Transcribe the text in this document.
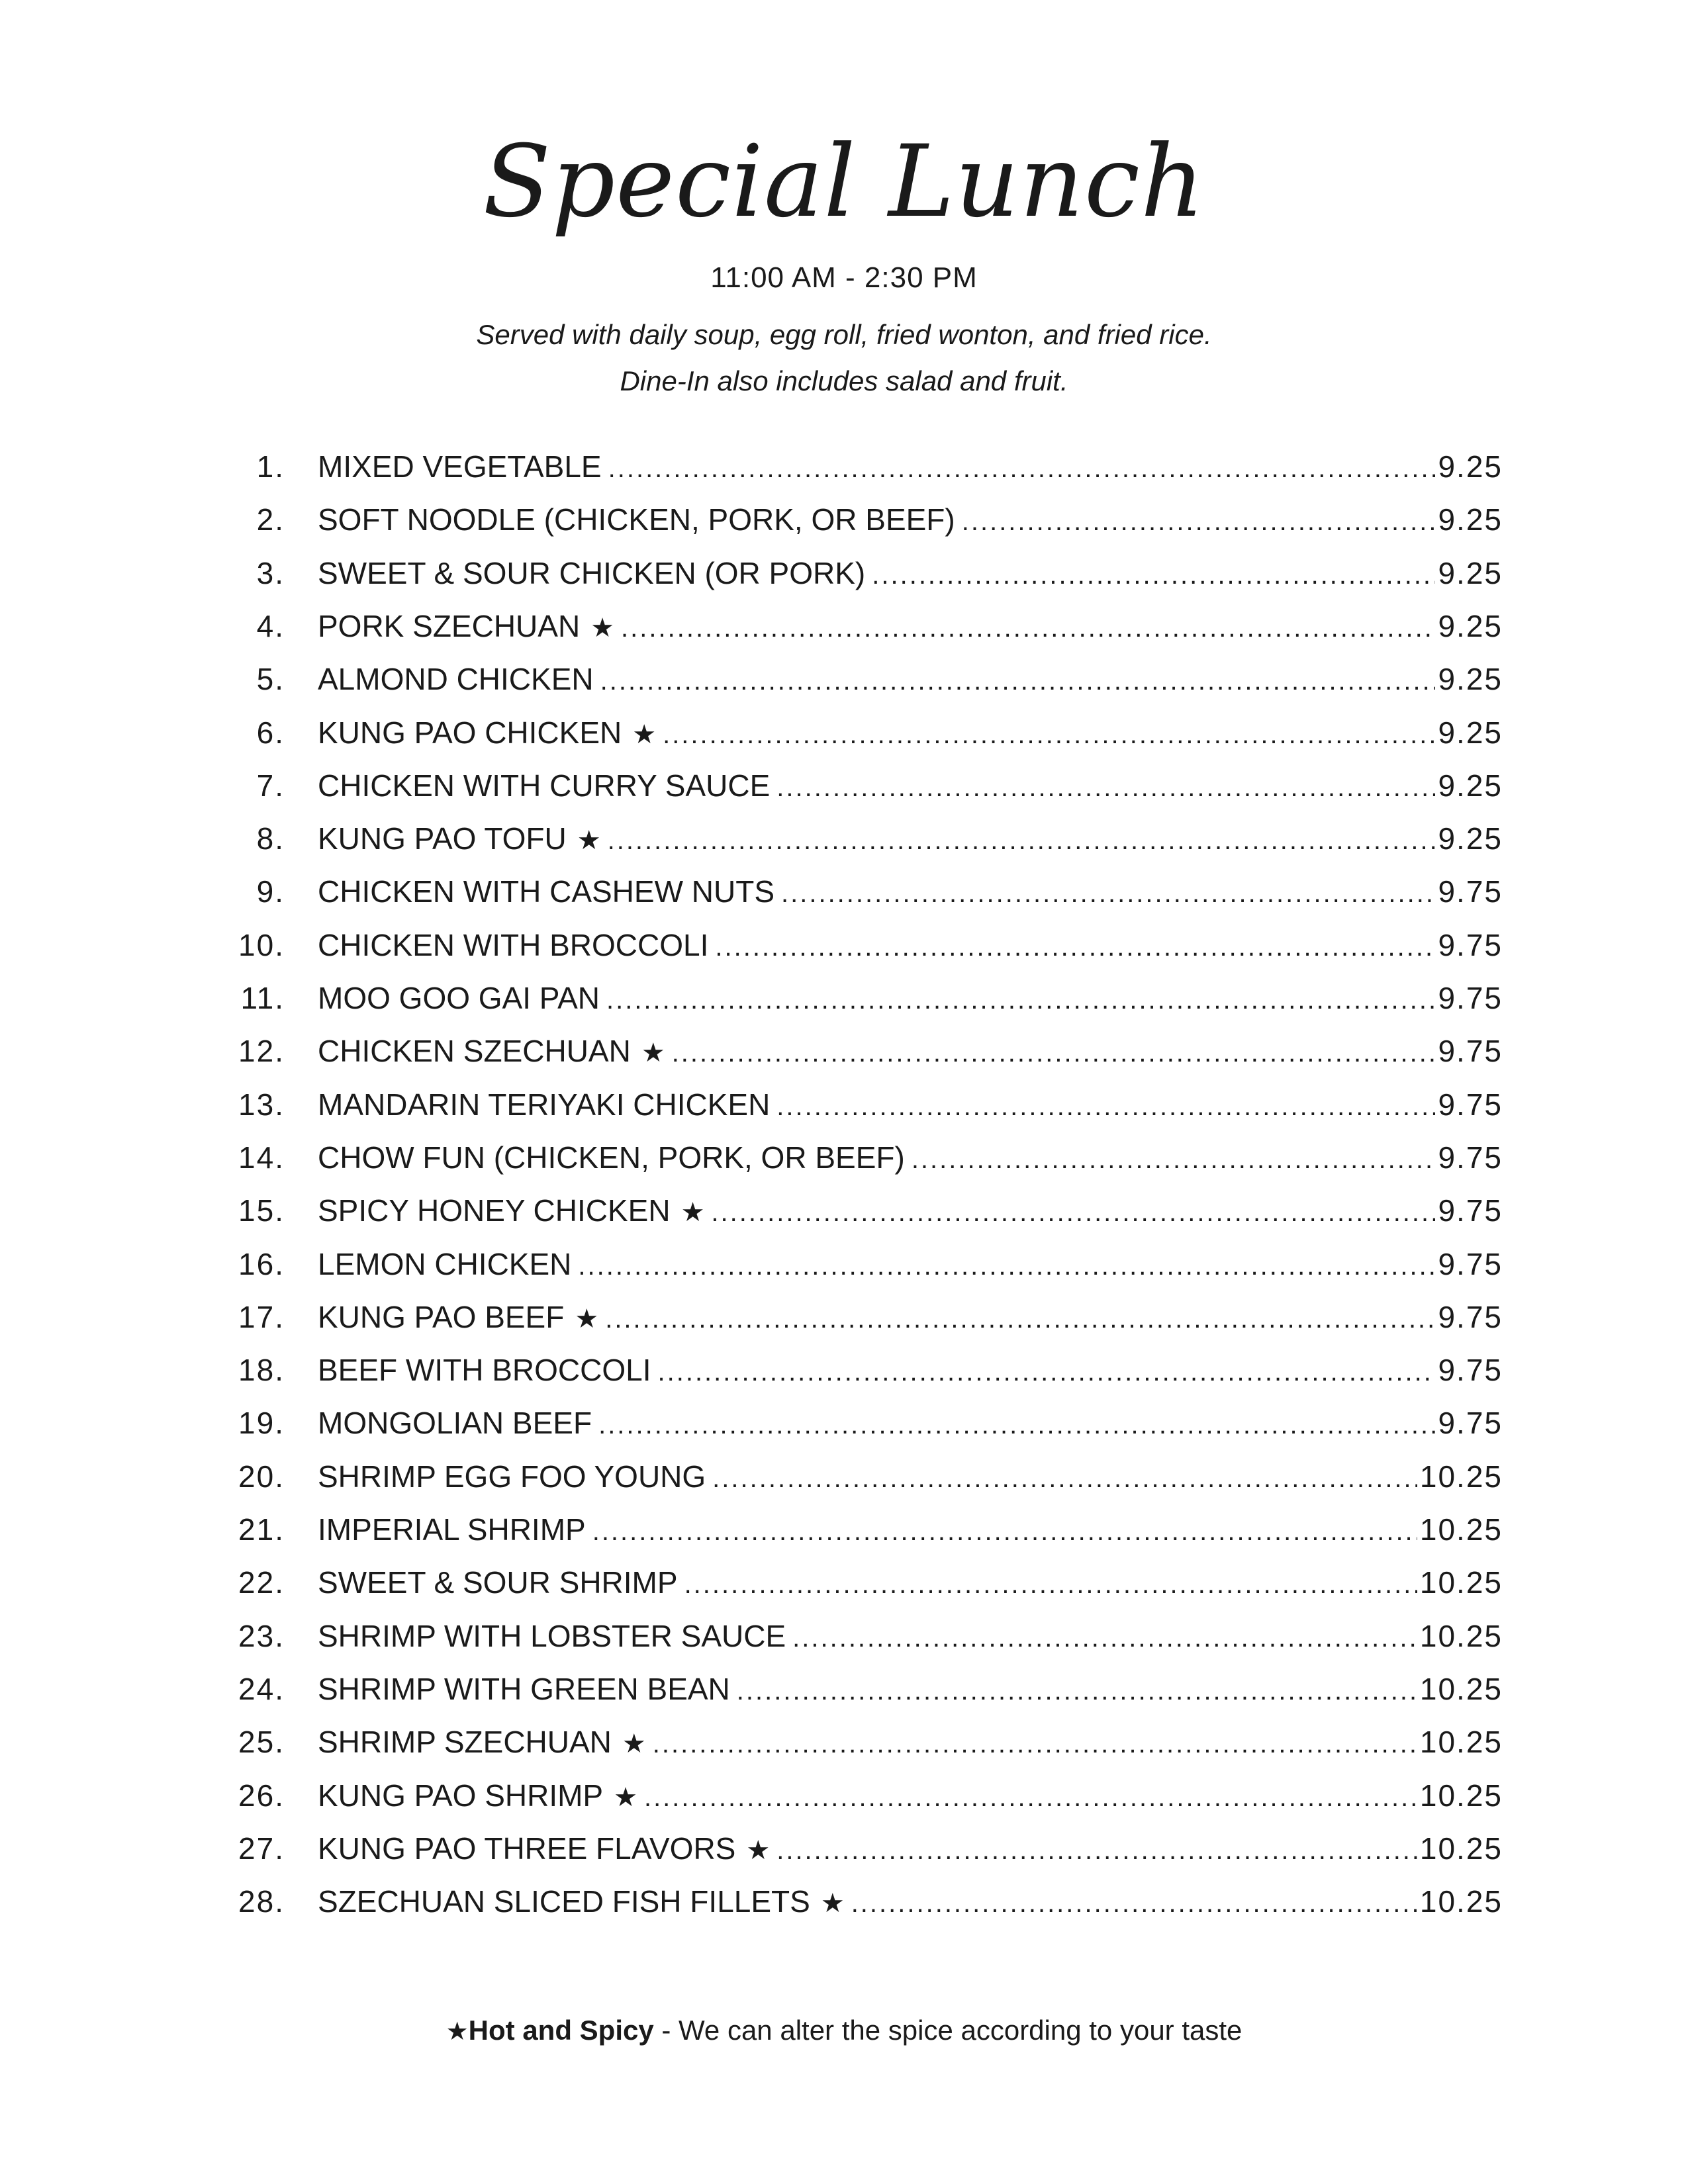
Special Lunch
11:00 AM - 2:30 PM
Served with daily soup, egg roll, fried wonton, and fried rice.
Dine-In also includes salad and fruit.
1.	MIXED VEGETABLE .....	9.25
2.	SOFT NOODLE (CHICKEN, PORK, OR BEEF) .....	9.25
3.	SWEET & SOUR CHICKEN (OR PORK) .....	9.25
4.	PORK SZECHUAN ★ .....	9.25
5.	ALMOND CHICKEN .....	9.25
6.	KUNG PAO CHICKEN ★ .....	9.25
7.	CHICKEN WITH CURRY SAUCE .....	9.25
8.	KUNG PAO TOFU ★ .....	9.25
9.	CHICKEN WITH CASHEW NUTS .....	9.75
10.	CHICKEN WITH BROCCOLI .....	9.75
11.	MOO GOO GAI PAN .....	9.75
12.	CHICKEN SZECHUAN ★ .....	9.75
13.	MANDARIN TERIYAKI CHICKEN .....	9.75
14.	CHOW FUN (CHICKEN, PORK, OR BEEF) .....	9.75
15.	SPICY HONEY CHICKEN ★ .....	9.75
16.	LEMON CHICKEN .....	9.75
17.	KUNG PAO BEEF ★ .....	9.75
18.	BEEF WITH BROCCOLI .....	9.75
19.	MONGOLIAN BEEF .....	9.75
20.	SHRIMP EGG FOO YOUNG .....	10.25
21.	IMPERIAL SHRIMP .....	10.25
22.	SWEET & SOUR SHRIMP .....	10.25
23.	SHRIMP WITH LOBSTER SAUCE .....	10.25
24.	SHRIMP WITH GREEN BEAN .....	10.25
25.	SHRIMP SZECHUAN ★ .....	10.25
26.	KUNG PAO SHRIMP ★ .....	10.25
27.	KUNG PAO THREE FLAVORS ★ .....	10.25
28.	SZECHUAN SLICED FISH FILLETS ★ .....	10.25
★Hot and Spicy - We can alter the spice according to your taste
